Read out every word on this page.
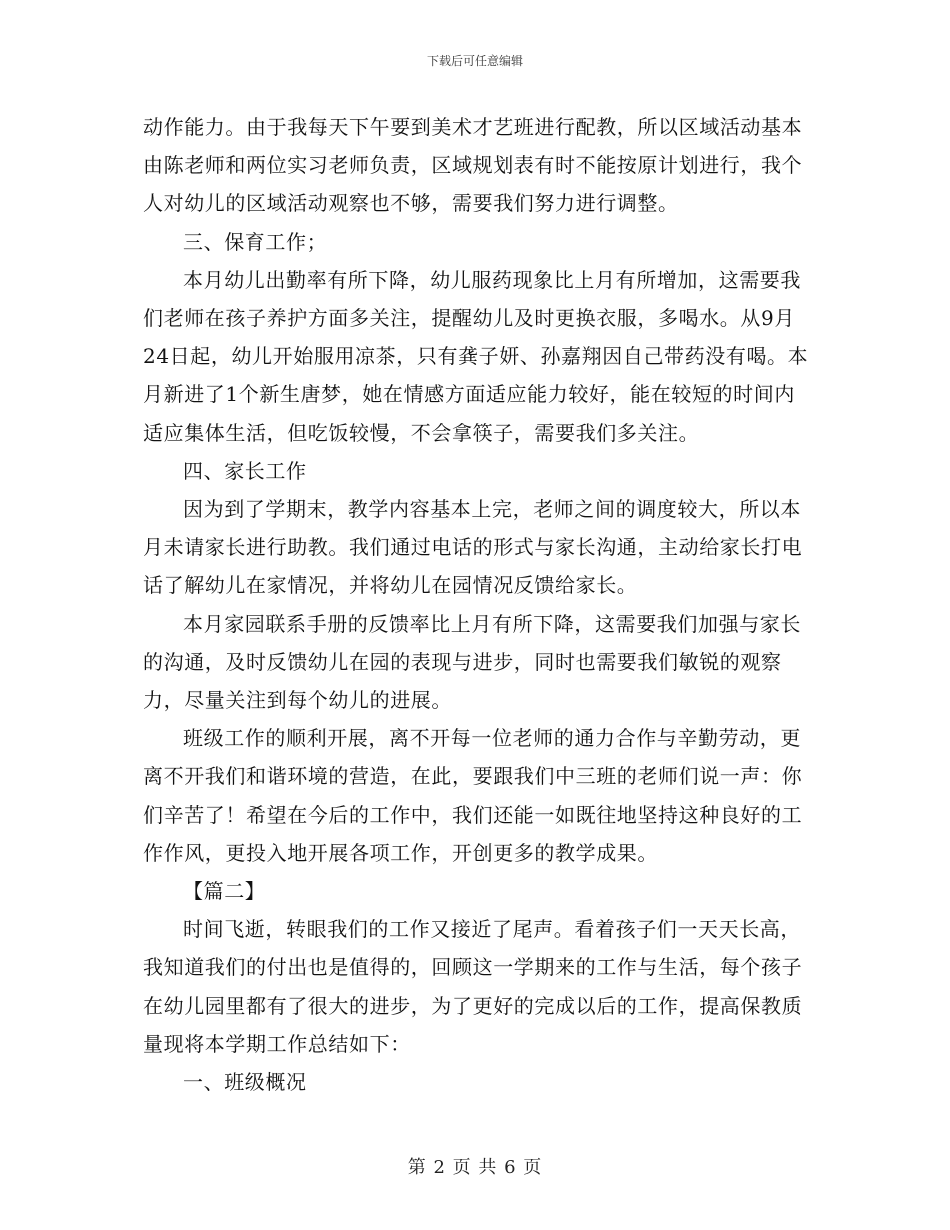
下载后可任意编辑

动作能力。由于我每天下午要到美术才艺班进行配教，所以区域活动基本由陈老师和两位实习老师负责，区域规划表有时不能按原计划进行，我个人对幼儿的区域活动观察也不够，需要我们努力进行调整。

三、保育工作；

本月幼儿出勤率有所下降，幼儿服药现象比上月有所增加，这需要我们老师在孩子养护方面多关注，提醒幼儿及时更换衣服，多喝水。从9月24日起，幼儿开始服用凉茶，只有龚子妍、孙嘉翔因自己带药没有喝。本月新进了1个新生唐梦，她在情感方面适应能力较好，能在较短的时间内适应集体生活，但吃饭较慢，不会拿筷子，需要我们多关注。

四、家长工作

因为到了学期末，教学内容基本上完，老师之间的调度较大，所以本月未请家长进行助教。我们通过电话的形式与家长沟通，主动给家长打电话了解幼儿在家情况，并将幼儿在园情况反馈给家长。

本月家园联系手册的反馈率比上月有所下降，这需要我们加强与家长的沟通，及时反馈幼儿在园的表现与进步，同时也需要我们敏锐的观察力，尽量关注到每个幼儿的进展。

班级工作的顺利开展，离不开每一位老师的通力合作与辛勤劳动，更离不开我们和谐环境的营造，在此，要跟我们中三班的老师们说一声：你们辛苦了！希望在今后的工作中，我们还能一如既往地坚持这种良好的工作作风，更投入地开展各项工作，开创更多的教学成果。

【篇二】

时间飞逝，转眼我们的工作又接近了尾声。看着孩子们一天天长高，我知道我们的付出也是值得的，回顾这一学期来的工作与生活，每个孩子在幼儿园里都有了很大的进步，为了更好的完成以后的工作，提高保教质量现将本学期工作总结如下：

一、班级概况

第 2 页 共 6 页
